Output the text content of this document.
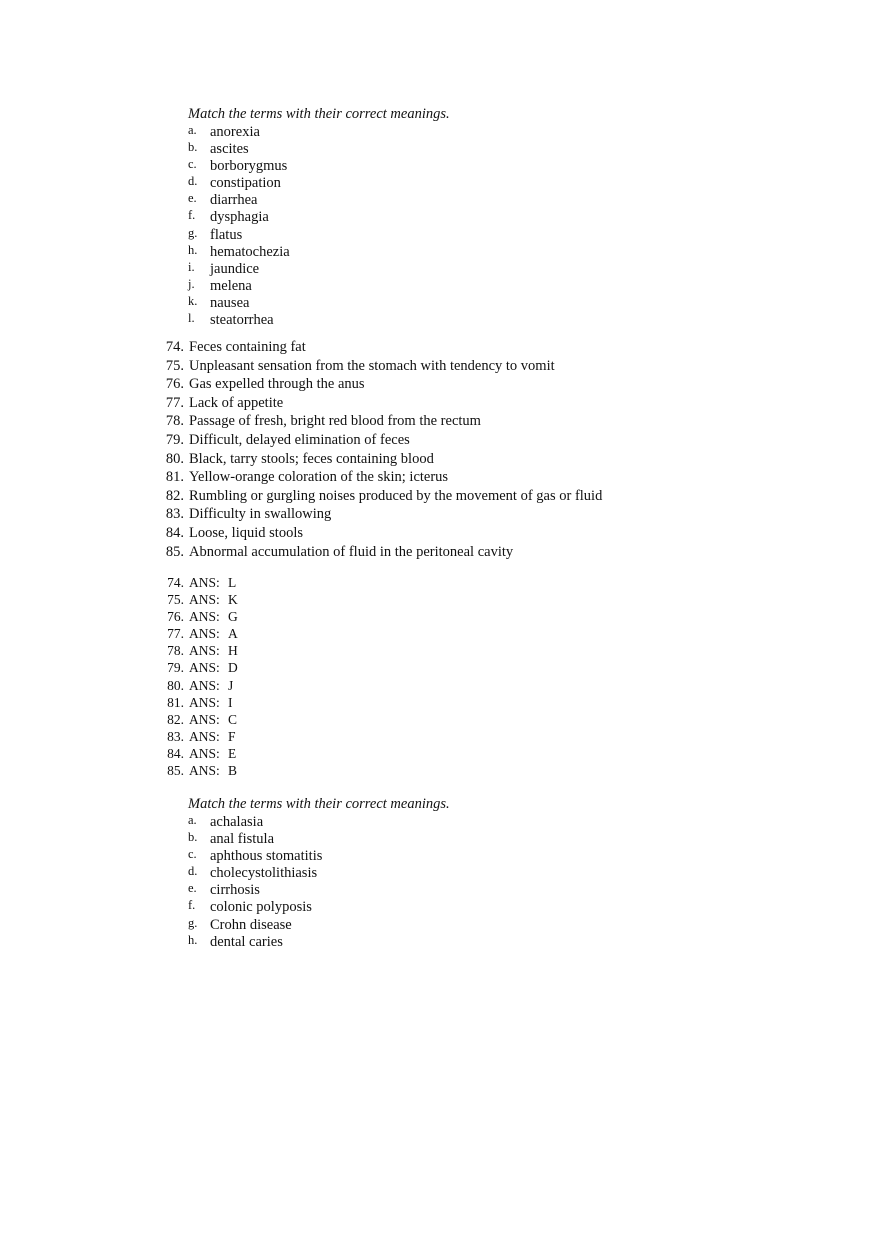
Match the terms with their correct meanings.
a. anorexia
b. ascites
c. borborygmus
d. constipation
e. diarrhea
f.	dysphagia
g. flatus
h. hematochezia
i.	jaundice
j.	melena
k. nausea
l.	steatorrhea
74. Feces containing fat
75. Unpleasant sensation from the stomach with tendency to vomit
76. Gas expelled through the anus
77. Lack of appetite
78. Passage of fresh, bright red blood from the rectum
79. Difficult, delayed elimination of feces
80. Black, tarry stools; feces containing blood
81. Yellow-orange coloration of the skin; icterus
82. Rumbling or gurgling noises produced by the movement of gas or fluid
83. Difficulty in swallowing
84. Loose, liquid stools
85. Abnormal accumulation of fluid in the peritoneal cavity
74. ANS: L
75. ANS: K
76. ANS: G
77. ANS: A
78. ANS: H
79. ANS: D
80. ANS: J
81. ANS: I
82. ANS: C
83. ANS: F
84. ANS: E
85. ANS: B
Match the terms with their correct meanings.
a. achalasia
b. anal fistula
c. aphthous stomatitis
d. cholecystolithiasis
e. cirrhosis
f.	colonic polyposis
g. Crohn disease
h. dental caries
